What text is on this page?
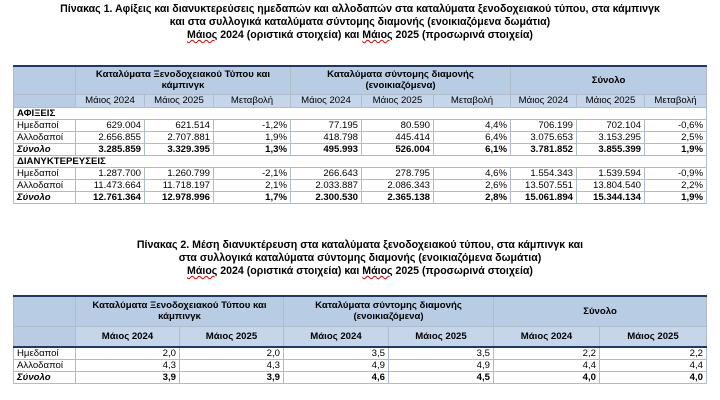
Πίνακας 1. Αφίξεις και διανυκτερεύσεις ημεδαπών και αλλοδαπών στα καταλύματα ξενοδοχειακού τύπου, στα κάμπινγκ
και στα συλλογικά καταλύματα σύντομης διαμονής (ενοικιαζόμενα δωμάτια)
Μάιος 2024 (οριστικά στοιχεία) και Μάιος 2025 (προσωρινά στοιχεία)
	Καταλύματα Ξενοδοχειακού Τύπου και κάμπινγκ			Καταλύματα σύντομης διαμονής (ενοικιαζόμενα)			Σύνολο		
	Μάιος 2024	Μάιος 2025	Μεταβολή	Μάιος 2024	Μάιος 2025	Μεταβολή	Μάιος 2024	Μάιος 2025	Μεταβολή
ΑΦΙΞΕΙΣ									
Ημεδαποί	629.004	621.514	-1,2%	77.195	80.590	4,4%	706.199	702.104	-0,6%
Αλλοδαποί	2.656.855	2.707.881	1,9%	418.798	445.414	6,4%	3.075.653	3.153.295	2,5%
Σύνολο	3.285.859	3.329.395	1,3%	495.993	526.004	6,1%	3.781.852	3.855.399	1,9%
ΔΙΑΝΥΚΤΕΡΕΥΣΕΙΣ									
Ημεδαποί	1.287.700	1.260.799	-2,1%	266.643	278.795	4,6%	1.554.343	1.539.594	-0,9%
Αλλοδαποί	11.473.664	11.718.197	2,1%	2.033.887	2.086.343	2,6%	13.507.551	13.804.540	2,2%
Σύνολο	12.761.364	12.978.996	1,7%	2.300.530	2.365.138	2,8%	15.061.894	15.344.134	1,9%
Πίνακας 2. Μέση διανυκτέρευση στα καταλύματα ξενοδοχειακού τύπου, στα κάμπινγκ και
στα συλλογικά καταλύματα σύντομης διαμονής (ενοικιαζόμενα δωμάτια)
Μάιος 2024 (οριστικά στοιχεία) και Μάιος 2025 (προσωρινά στοιχεία)
	Καταλύματα Ξενοδοχειακού Τύπου και κάμπινγκ		Καταλύματα σύντομης διαμονής (ενοικιαζόμενα)		Σύνολο	
	Μάιος 2024	Μάιος 2025	Μάιος 2024	Μάιος 2025	Μάιος 2024	Μάιος 2025
Ημεδαποί	2,0	2,0	3,5	3,5	2,2	2,2
Αλλοδαποί	4,3	4,3	4,9	4,9	4,4	4,4
Σύνολο	3,9	3,9	4,6	4,5	4,0	4,0
